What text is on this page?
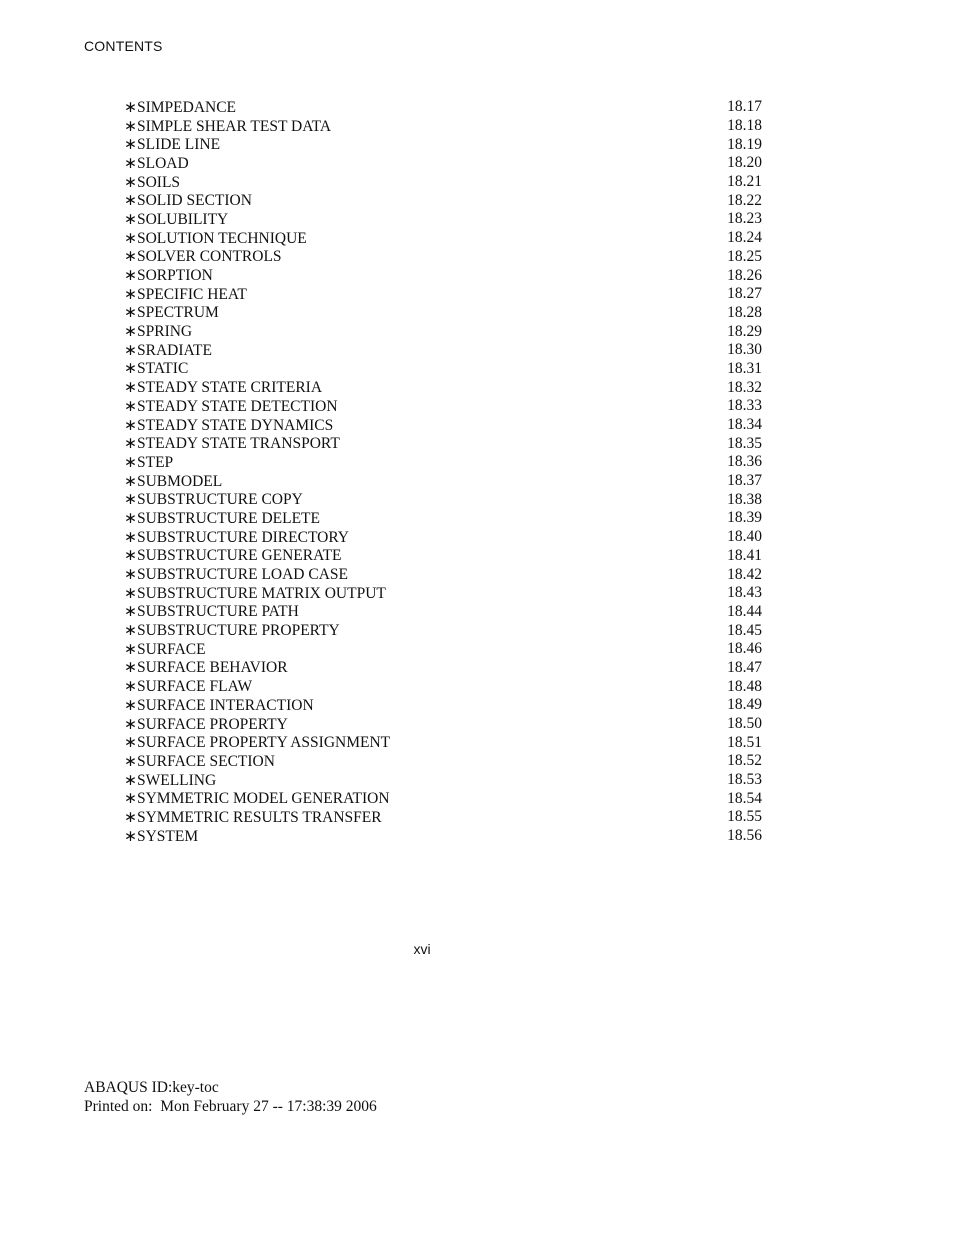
CONTENTS
∗SIMPEDANCE	18.17
∗SIMPLE SHEAR TEST DATA	18.18
∗SLIDE LINE	18.19
∗SLOAD	18.20
∗SOILS	18.21
∗SOLID SECTION	18.22
∗SOLUBILITY	18.23
∗SOLUTION TECHNIQUE	18.24
∗SOLVER CONTROLS	18.25
∗SORPTION	18.26
∗SPECIFIC HEAT	18.27
∗SPECTRUM	18.28
∗SPRING	18.29
∗SRADIATE	18.30
∗STATIC	18.31
∗STEADY STATE CRITERIA	18.32
∗STEADY STATE DETECTION	18.33
∗STEADY STATE DYNAMICS	18.34
∗STEADY STATE TRANSPORT	18.35
∗STEP	18.36
∗SUBMODEL	18.37
∗SUBSTRUCTURE COPY	18.38
∗SUBSTRUCTURE DELETE	18.39
∗SUBSTRUCTURE DIRECTORY	18.40
∗SUBSTRUCTURE GENERATE	18.41
∗SUBSTRUCTURE LOAD CASE	18.42
∗SUBSTRUCTURE MATRIX OUTPUT	18.43
∗SUBSTRUCTURE PATH	18.44
∗SUBSTRUCTURE PROPERTY	18.45
∗SURFACE	18.46
∗SURFACE BEHAVIOR	18.47
∗SURFACE FLAW	18.48
∗SURFACE INTERACTION	18.49
∗SURFACE PROPERTY	18.50
∗SURFACE PROPERTY ASSIGNMENT	18.51
∗SURFACE SECTION	18.52
∗SWELLING	18.53
∗SYMMETRIC MODEL GENERATION	18.54
∗SYMMETRIC RESULTS TRANSFER	18.55
∗SYSTEM	18.56
xvi
ABAQUS ID:key-toc
Printed on:  Mon February 27 -- 17:38:39 2006
